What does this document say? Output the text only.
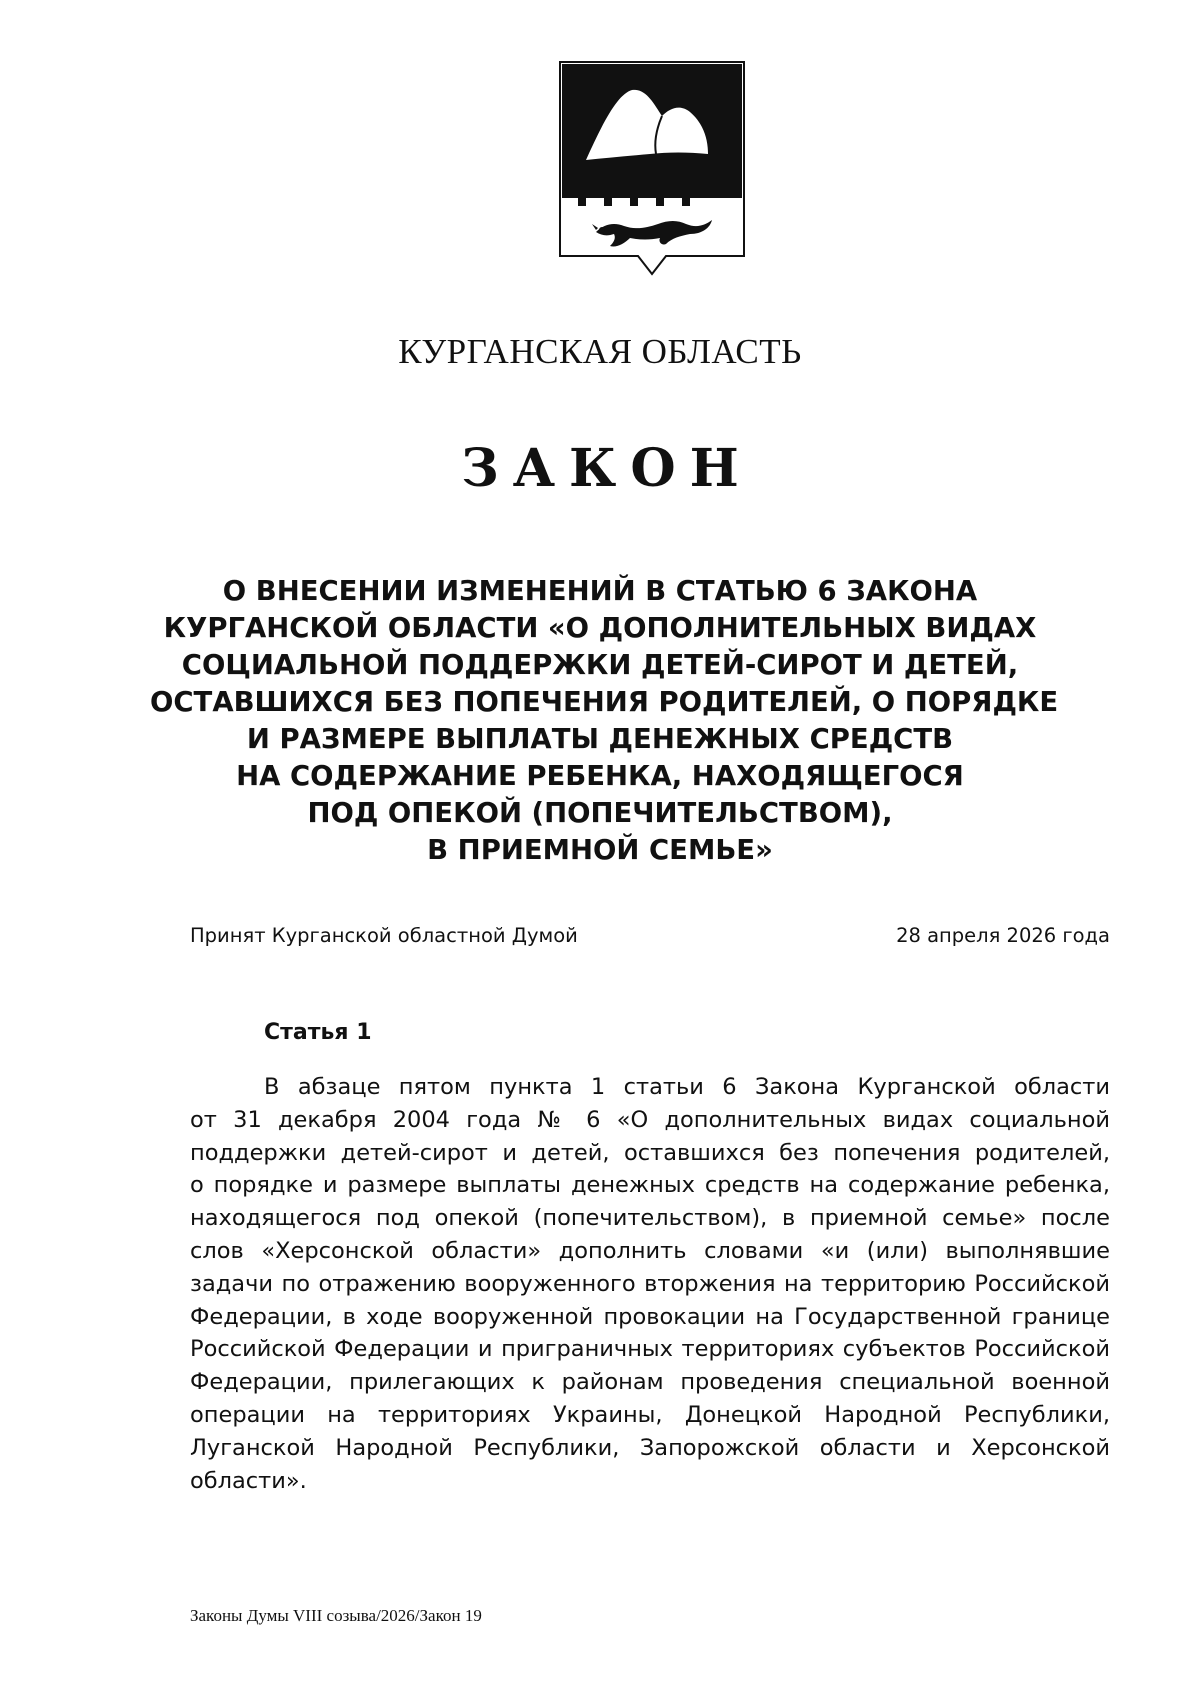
КУРГАНСКАЯ ОБЛАСТЬ
ЗАКОН
О ВНЕСЕНИИ ИЗМЕНЕНИЙ В СТАТЬЮ 6 ЗАКОНА
КУРГАНСКОЙ ОБЛАСТИ «О ДОПОЛНИТЕЛЬНЫХ ВИДАХ
СОЦИАЛЬНОЙ ПОДДЕРЖКИ ДЕТЕЙ-СИРОТ И ДЕТЕЙ,
ОСТАВШИХСЯ БЕЗ ПОПЕЧЕНИЯ РОДИТЕЛЕЙ, О ПОРЯДКЕ
И РАЗМЕРЕ ВЫПЛАТЫ ДЕНЕЖНЫХ СРЕДСТВ
НА СОДЕРЖАНИЕ РЕБЕНКА, НАХОДЯЩЕГОСЯ
ПОД ОПЕКОЙ (ПОПЕЧИТЕЛЬСТВОМ),
В ПРИЕМНОЙ СЕМЬЕ»
Принят Курганской областной Думой	28 апреля 2026 года
Статья 1
В абзаце пятом пункта 1 статьи 6 Закона Курганской области
от 31 декабря 2004 года № 6 «О дополнительных видах социальной
поддержки детей-сирот и детей, оставшихся без попечения родителей,
о порядке и размере выплаты денежных средств на содержание ребенка,
находящегося под опекой (попечительством), в приемной семье» после
слов «Херсонской области» дополнить словами «и (или) выполнявшие
задачи по отражению вооруженного вторжения на территорию Российской
Федерации, в ходе вооруженной провокации на Государственной границе
Российской Федерации и приграничных территориях субъектов Российской
Федерации, прилегающих к районам проведения специальной военной
операции на территориях Украины, Донецкой Народной Республики,
Луганской Народной Республики, Запорожской области и Херсонской
области».
Законы Думы VIII созыва/2026/Закон 19
